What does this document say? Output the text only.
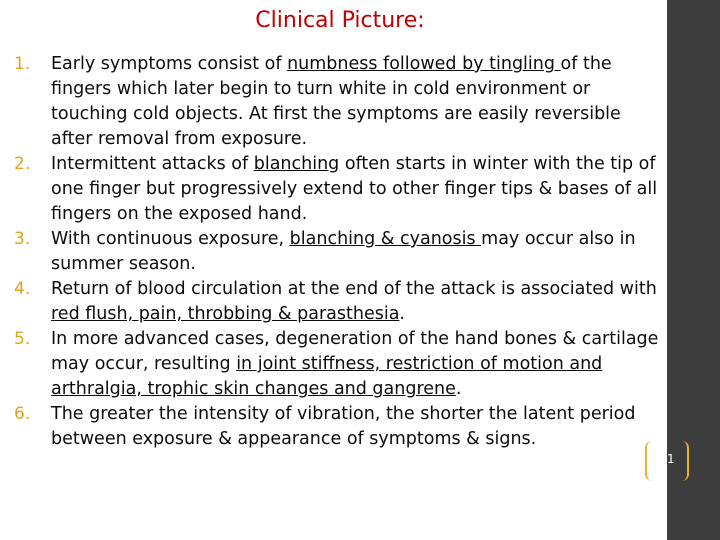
Clinical Picture:
1.	Early symptoms consist of numbness followed by tingling of the fingers which later begin to turn white in cold environment or touching cold objects. At first the symptoms are easily reversible after removal from exposure.
2.	Intermittent attacks of blanching often starts in winter with the tip of one finger but progressively extend to other finger tips & bases of all fingers on the exposed hand.
3.	With continuous exposure, blanching & cyanosis may occur also in summer season.
4.	Return of blood circulation at the end of the attack is associated with red flush, pain, throbbing & parasthesia.
5.	In more advanced cases, degeneration of the hand bones & cartilage may occur, resulting in joint stiffness, restriction of motion and arthralgia, trophic skin changes and gangrene.
6.	The greater the intensity of vibration, the shorter the latent period between exposure & appearance of symptoms & signs.
11
